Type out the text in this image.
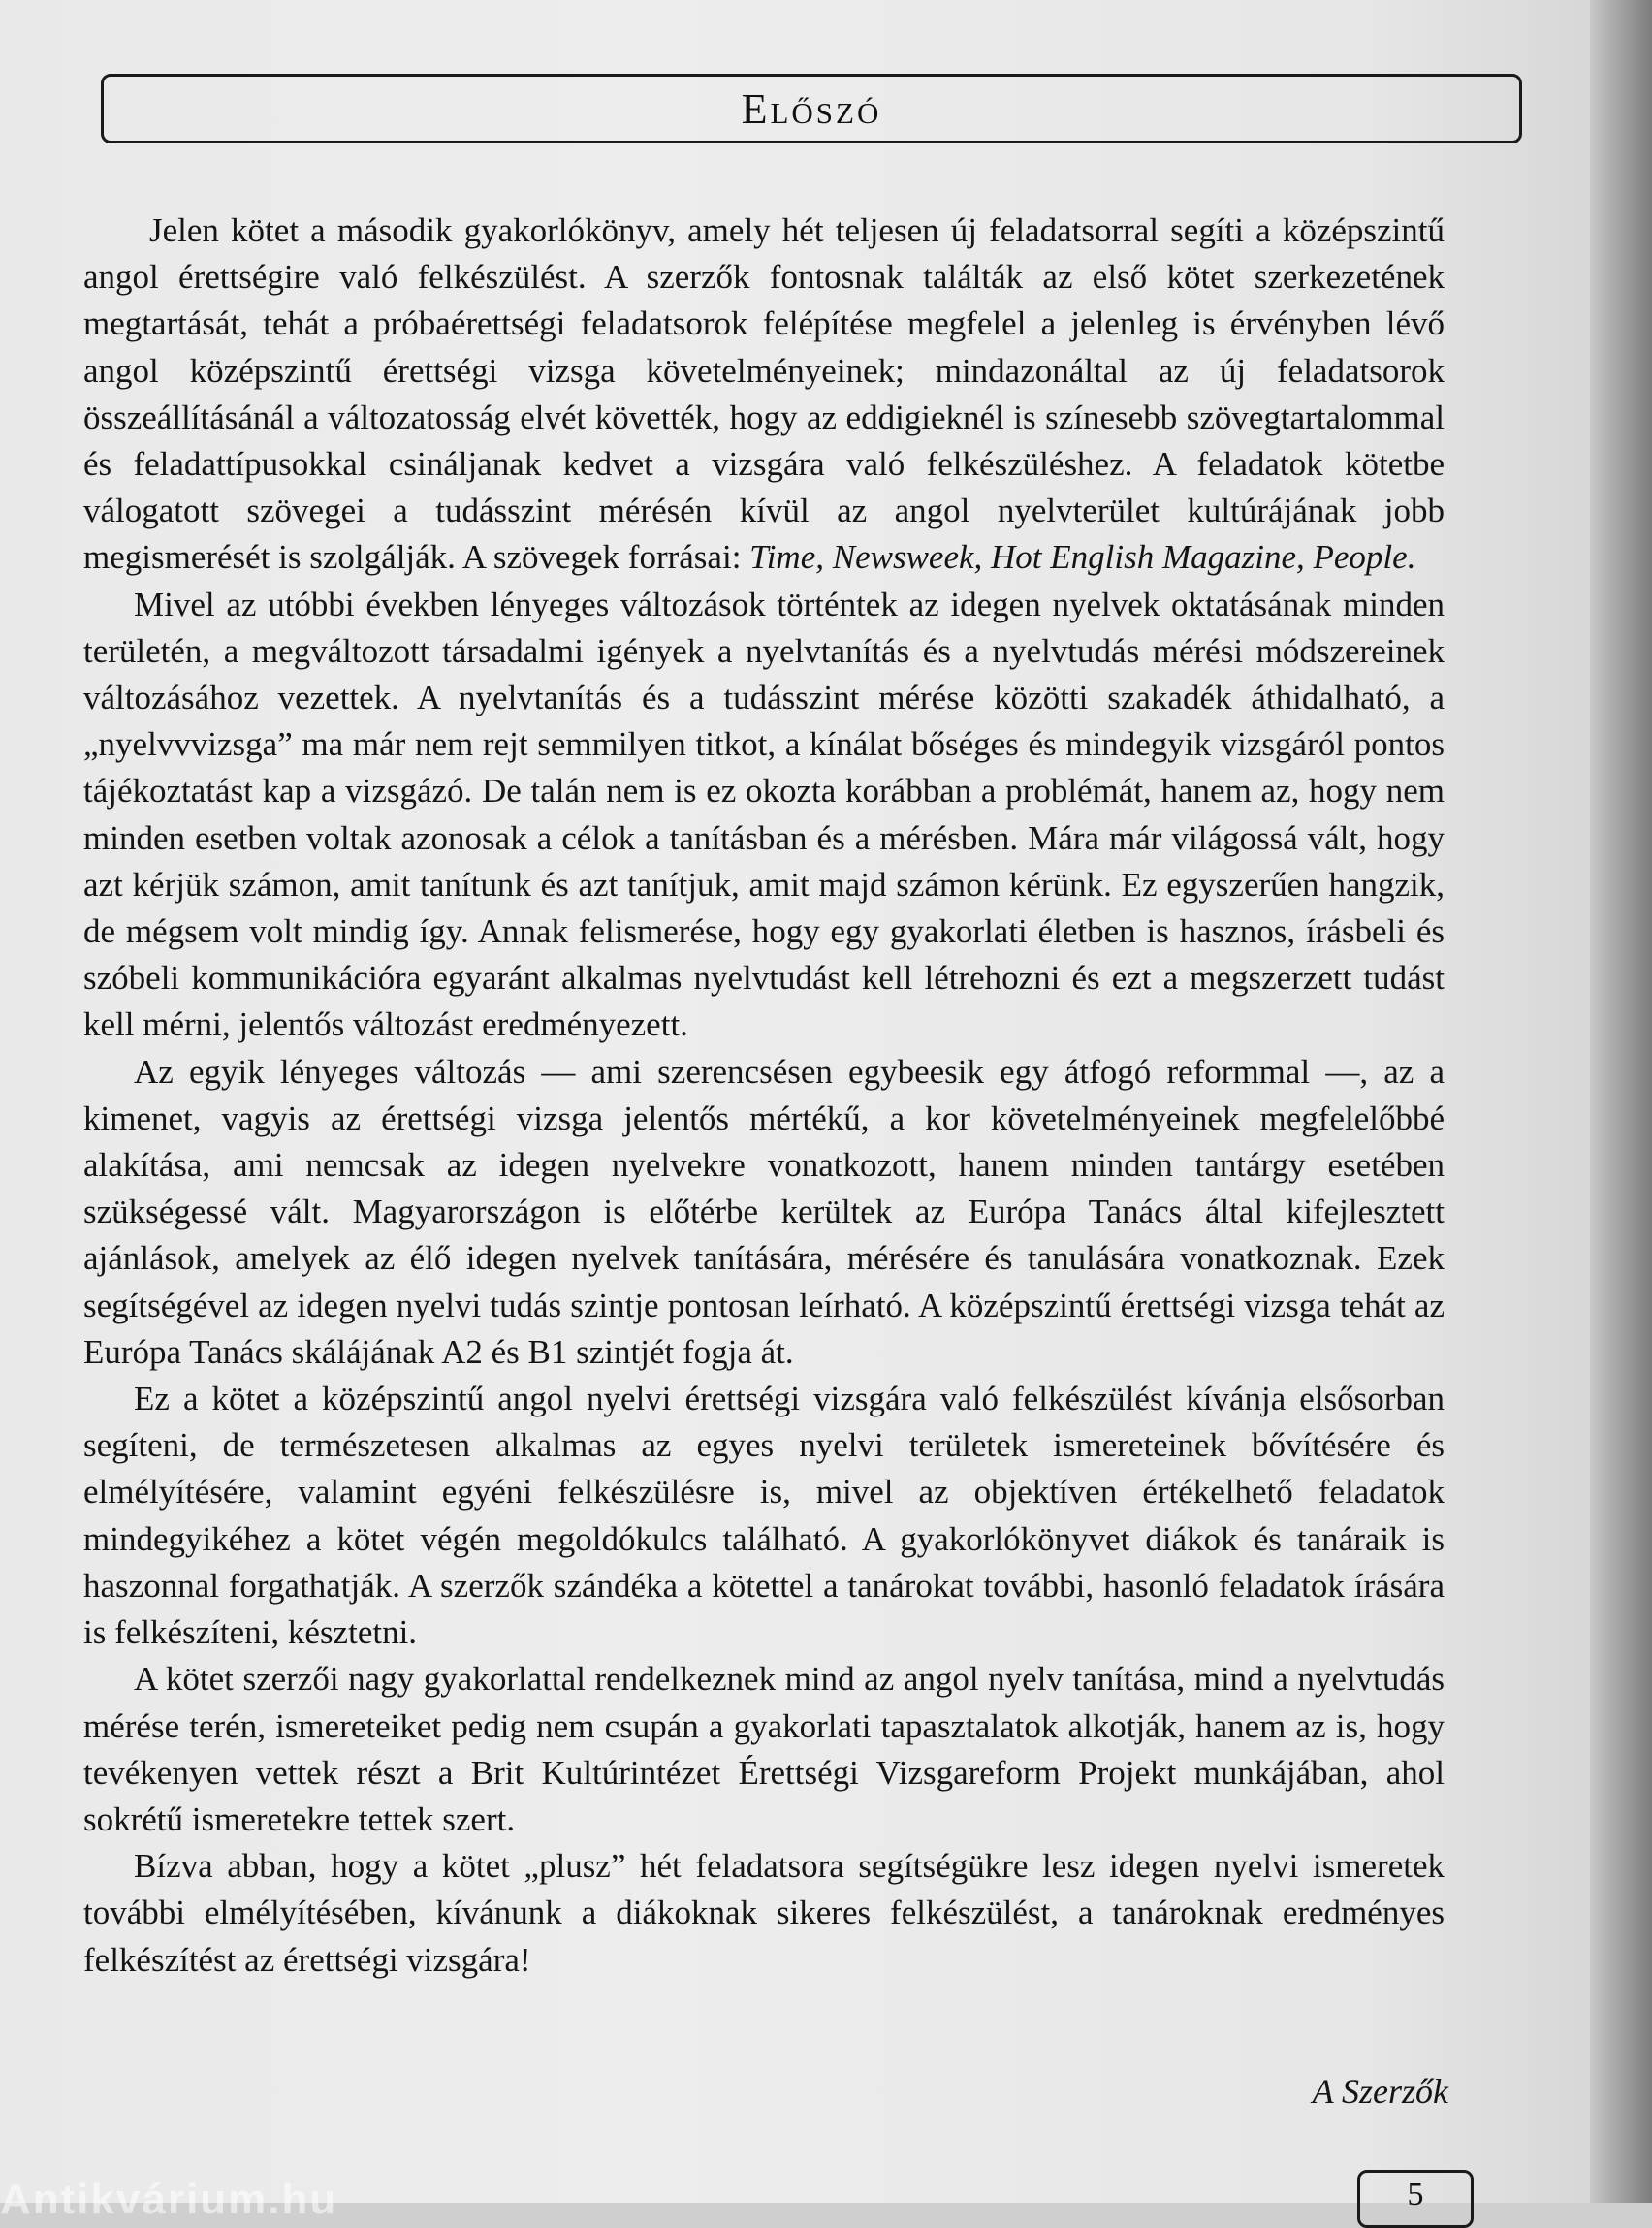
Előszó

Jelen kötet a második gyakorlókönyv, amely hét teljesen új feladatsorral segíti a középszintű angol érettségire való felkészülést. A szerzők fontosnak találták az első kötet szerkezetének megtartását, tehát a próbaérettségi feladatsorok felépítése megfelel a jelenleg is érvényben lévő angol középszintű érettségi vizsga követelményeinek; mindazonáltal az új feladatsorok összeállításánál a változatosság elvét követték, hogy az eddigieknél is színesebb szövegtartalommal és feladattípusokkal csináljanak kedvet a vizsgára való felkészüléshez. A feladatok kötetbe válogatott szövegei a tudásszint mérésén kívül az angol nyelvterület kultúrájának jobb megismerését is szolgálják. A szövegek forrásai: Time, Newsweek, Hot English Magazine, People.

Mivel az utóbbi években lényeges változások történtek az idegen nyelvek oktatásának minden területén, a megváltozott társadalmi igények a nyelvtanítás és a nyelvtudás mérési módszereinek változásához vezettek. A nyelvtanítás és a tudásszint mérése közötti szakadék áthidalható, a „nyelvvvizsga” ma már nem rejt semmilyen titkot, a kínálat bőséges és mindegyik vizsgáról pontos tájékoztatást kap a vizsgázó. De talán nem is ez okozta korábban a problémát, hanem az, hogy nem minden esetben voltak azonosak a célok a tanításban és a mérésben. Mára már világossá vált, hogy azt kérjük számon, amit tanítunk és azt tanítjuk, amit majd számon kérünk. Ez egyszerűen hangzik, de mégsem volt mindig így. Annak felismerése, hogy egy gyakorlati életben is hasznos, írásbeli és szóbeli kommunikációra egyaránt alkalmas nyelvtudást kell létrehozni és ezt a megszerzett tudást kell mérni, jelentős változást eredményezett.

Az egyik lényeges változás — ami szerencsésen egybeesik egy átfogó reformmal —, az a kimenet, vagyis az érettségi vizsga jelentős mértékű, a kor követelményeinek megfelelőbbé alakítása, ami nemcsak az idegen nyelvekre vonatkozott, hanem minden tantárgy esetében szükségessé vált. Magyarországon is előtérbe kerültek az Európa Tanács által kifejlesztett ajánlások, amelyek az élő idegen nyelvek tanítására, mérésére és tanulására vonatkoznak. Ezek segítségével az idegen nyelvi tudás szintje pontosan leírható. A középszintű érettségi vizsga tehát az Európa Tanács skálájának A2 és B1 szintjét fogja át.

Ez a kötet a középszintű angol nyelvi érettségi vizsgára való felkészülést kívánja elsősorban segíteni, de természetesen alkalmas az egyes nyelvi területek ismereteinek bővítésére és elmélyítésére, valamint egyéni felkészülésre is, mivel az objektíven értékelhető feladatok mindegyikéhez a kötet végén megoldókulcs található. A gyakorlókönyvet diákok és tanáraik is haszonnal forgathatják. A szerzők szándéka a kötettel a tanárokat további, hasonló feladatok írására is felkészíteni, késztetni.

A kötet szerzői nagy gyakorlattal rendelkeznek mind az angol nyelv tanítása, mind a nyelvtudás mérése terén, ismereteiket pedig nem csupán a gyakorlati tapasztalatok alkotják, hanem az is, hogy tevékenyen vettek részt a Brit Kultúrintézet Érettségi Vizsgareform Projekt munkájában, ahol sokrétű ismeretekre tettek szert.

Bízva abban, hogy a kötet „plusz” hét feladatsora segítségükre lesz idegen nyelvi ismeretek további elmélyítésében, kívánunk a diákoknak sikeres felkészülést, a tanároknak eredményes felkészítést az érettségi vizsgára!

A Szerzők
5
Antikvárium.hu
